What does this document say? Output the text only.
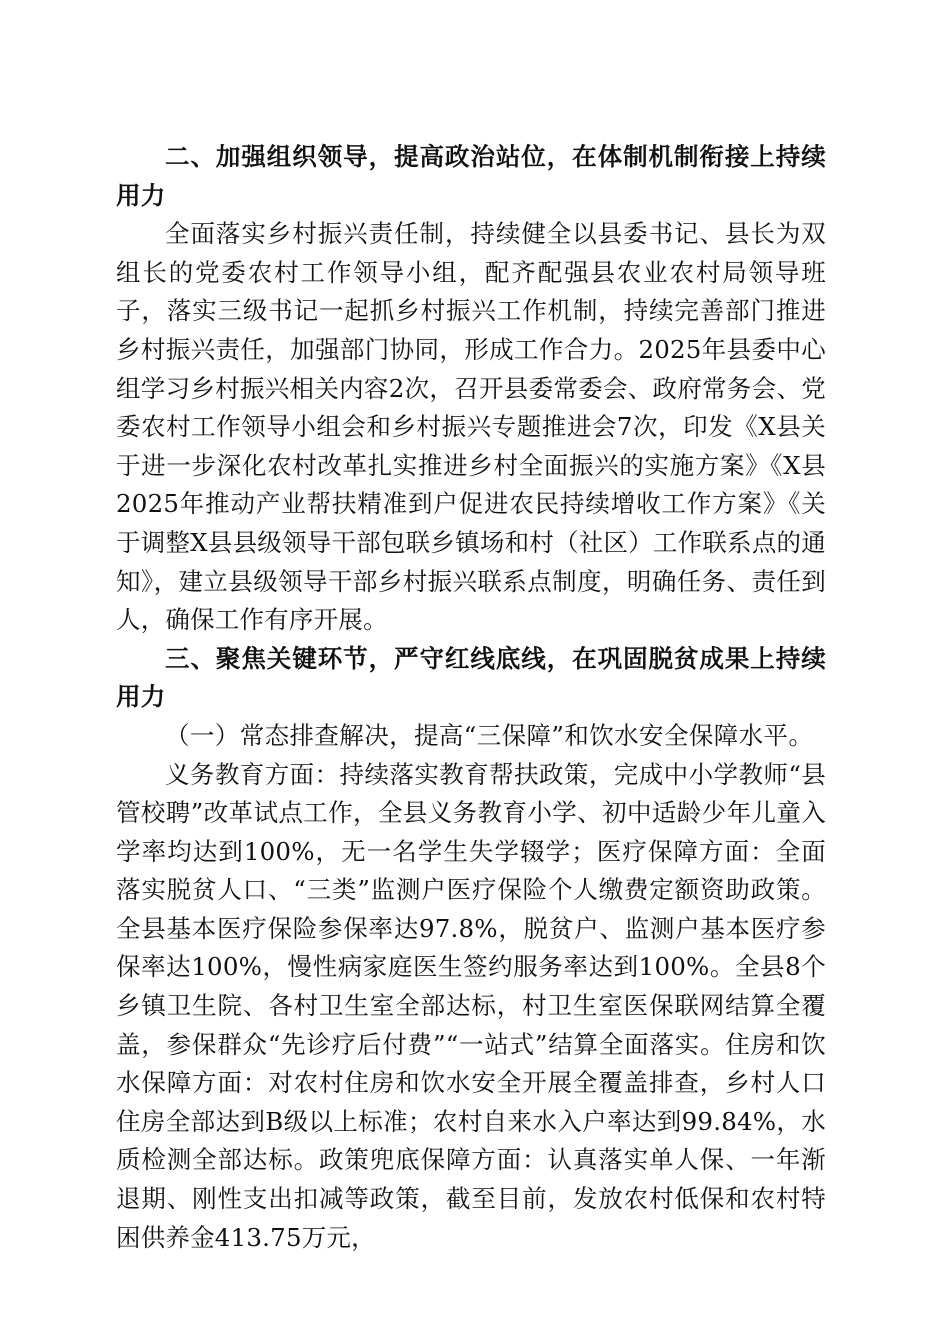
二、加强组织领导，提高政治站位，在体制机制衔接上持续用力

全面落实乡村振兴责任制，持续健全以县委书记、县长为双组长的党委农村工作领导小组，配齐配强县农业农村局领导班子，落实三级书记一起抓乡村振兴工作机制，持续完善部门推进乡村振兴责任，加强部门协同，形成工作合力。2025年县委中心组学习乡村振兴相关内容2次，召开县委常委会、政府常务会、党委农村工作领导小组会和乡村振兴专题推进会7次，印发《X县关于进一步深化农村改革扎实推进乡村全面振兴的实施方案》《X县2025年推动产业帮扶精准到户促进农民持续增收工作方案》《关于调整X县县级领导干部包联乡镇场和村（社区）工作联系点的通知》，建立县级领导干部乡村振兴联系点制度，明确任务、责任到人，确保工作有序开展。

三、聚焦关键环节，严守红线底线，在巩固脱贫成果上持续用力

（一）常态排查解决，提高“三保障”和饮水安全保障水平。

义务教育方面：持续落实教育帮扶政策，完成中小学教师“县管校聘”改革试点工作，全县义务教育小学、初中适龄少年儿童入学率均达到100%，无一名学生失学辍学；医疗保障方面：全面落实脱贫人口、“三类”监测户医疗保险个人缴费定额资助政策。全县基本医疗保险参保率达97.8%，脱贫户、监测户基本医疗参保率达100%，慢性病家庭医生签约服务率达到100%。全县8个乡镇卫生院、各村卫生室全部达标，村卫生室医保联网结算全覆盖，参保群众“先诊疗后付费”“一站式”结算全面落实。住房和饮水保障方面：对农村住房和饮水安全开展全覆盖排查，乡村人口住房全部达到B级以上标准；农村自来水入户率达到99.84%，水质检测全部达标。政策兜底保障方面：认真落实单人保、一年渐退期、刚性支出扣减等政策，截至目前，发放农村低保和农村特困供养金413.75万元，
